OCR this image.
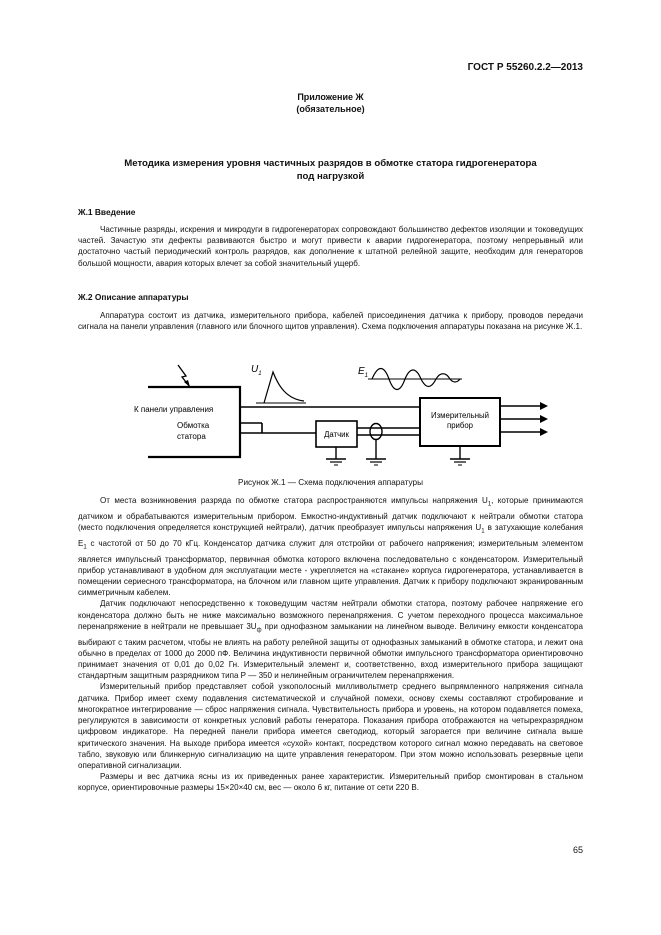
ГОСТ Р 55260.2.2—2013
Приложение Ж
(обязательное)
Методика измерения уровня частичных разрядов в обмотке статора гидрогенератора
под нагрузкой
Ж.1 Введение

Частичные разряды, искрения и микродуги в гидрогенераторах сопровождают большинство дефектов изоляции и токоведущих частей. Зачастую эти дефекты развиваются быстро и могут привести к аварии гидрогенератора, поэтому непрерывный или достаточно частый периодический контроль разрядов, как дополнение к штатной релейной защите, необходим для генераторов большой мощности, авария которых влечет за собой значительный ущерб.

Ж.2 Описание аппаратуры

Аппаратура состоит из датчика, измерительного прибора, кабелей присоединения датчика к прибору, проводов передачи сигнала на панели управления (главного или блочного щитов управления). Схема подключения аппаратуры показана на рисунке Ж.1.

К панели управления
Обмотка
статора
$U_1$	$E_1$
Датчик
Измерительный
прибор
Рисунок Ж.1 — Схема подключения аппаратуры

От места возникновения разряда по обмотке статора распространяются импульсы напряжения $U_1$, которые принимаются датчиком и обрабатываются измерительным прибором. Емкостно-индуктивный датчик подключают к нейтрали обмотки статора (место подключения определяется конструкцией нейтрали), датчик преобразует импульсы напряжения $U_1$ в затухающие колебания $E_1$ с частотой от 50 до 70 кГц. Конденсатор датчика служит для отстройки от рабочего напряжения; измерительным элементом является импульсный трансформатор, первичная обмотка которого включена последовательно с конденсатором. Измерительный прибор устанавливают в удобном для эксплуатации месте - укрепляется на «стакане» корпуса гидрогенератора, устанавливается в помещении сериесного трансформатора, на блочном или главном щите управления. Датчик к прибору подключают экранированным симметричным кабелем.

Датчик подключают непосредственно к токоведущим частям нейтрали обмотки статора, поэтому рабочее напряжение его конденсатора должно быть не ниже максимально возможного перенапряжения. С учетом переходного процесса максимальное перенапряжение в нейтрали не превышает $3U_ф$ при однофазном замыкании на линейном выводе. Величину емкости конденсатора выбирают с таким расчетом, чтобы не влиять на работу релейной защиты от однофазных замыканий в обмотке статора, и лежит она обычно в пределах от 1000 до 2000 пФ. Величина индуктивности первичной обмотки импульсного трансформатора ориентировочно принимает значения от 0,01 до 0,02 Гн. Измерительный элемент и, соответственно, вход измерительного прибора защищают стандартным защитным разрядником типа Р — 350 и нелинейным ограничителем перенапряжения.

Измерительный прибор представляет собой узкополосный милливольтметр среднего выпрямленного напряжения сигнала датчика. Прибор имеет схему подавления систематической и случайной помехи, основу схемы составляют стробирование и многократное интегрирование — сброс напряжения сигнала. Чувствительность прибора и уровень, на котором подавляется помеха, регулируются в зависимости от конкретных условий работы генератора. Показания прибора отображаются на четырехразрядном цифровом индикаторе. На передней панели прибора имеется светодиод, который загорается при величине сигнала выше критического значения. На выходе прибора имеется «сухой» контакт, посредством которого сигнал можно передавать на световое табло, звуковую или блинкерную сигнализацию на щите управления генератором. При этом можно использовать резервные цепи оперативной сигнализации.

Размеры и вес датчика ясны из их приведенных ранее характеристик. Измерительный прибор смонтирован в стальном корпусе, ориентировочные размеры 15×20×40 см, вес — около 6 кг, питание от сети 220 В.

65
